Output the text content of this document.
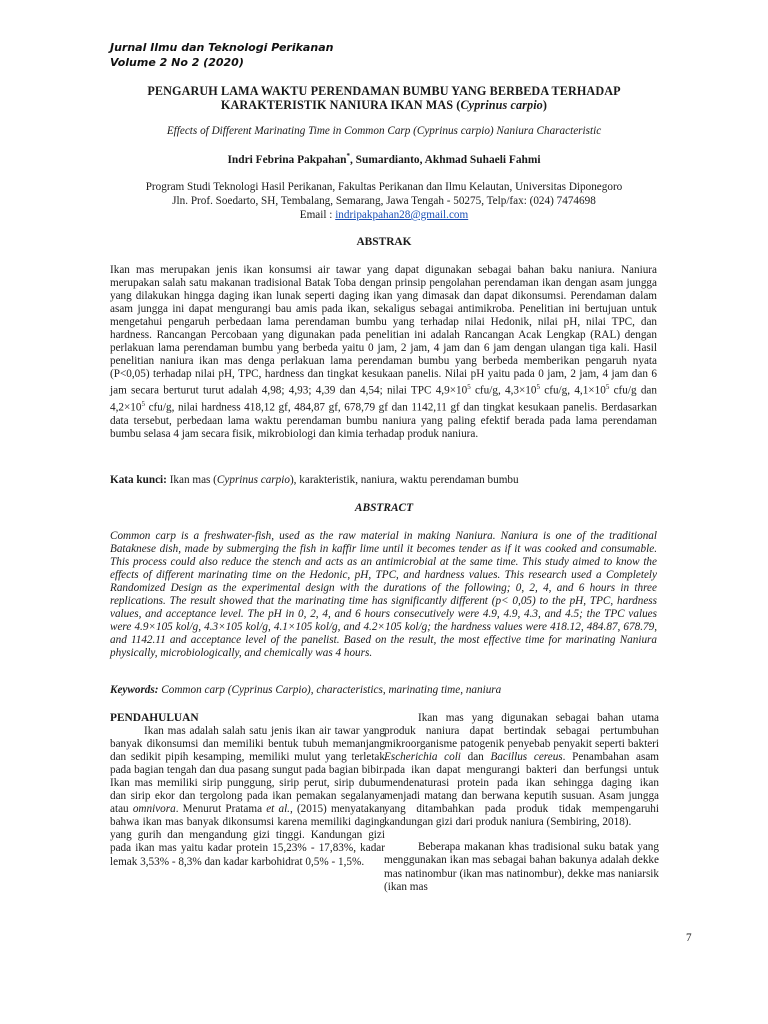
Jurnal Ilmu dan Teknologi Perikanan
Volume 2 No 2 (2020)
PENGARUH LAMA WAKTU PERENDAMAN BUMBU YANG BERBEDA TERHADAP
KARAKTERISTIK NANIURA IKAN MAS (Cyprinus carpio)
Effects of Different Marinating Time in Common Carp (Cyprinus carpio) Naniura Characteristic
Indri Febrina Pakpahan*, Sumardianto, Akhmad Suhaeli Fahmi
Program Studi Teknologi Hasil Perikanan, Fakultas Perikanan dan Ilmu Kelautan, Universitas Diponegoro
Jln. Prof. Soedarto, SH, Tembalang, Semarang, Jawa Tengah - 50275, Telp/fax: (024) 7474698
Email : indripakpahan28@gmail.com
ABSTRAK
Ikan mas merupakan jenis ikan konsumsi air tawar yang dapat digunakan sebagai bahan baku naniura. Naniura merupakan salah satu makanan tradisional Batak Toba dengan prinsip pengolahan perendaman ikan dengan asam jungga yang dilakukan hingga daging ikan lunak seperti daging ikan yang dimasak dan dapat dikonsumsi. Perendaman dalam asam jungga ini dapat mengurangi bau amis pada ikan, sekaligus sebagai antimikroba. Penelitian ini bertujuan untuk mengetahui pengaruh perbedaan lama perendaman bumbu yang terhadap nilai Hedonik, nilai pH, nilai TPC, dan hardness. Rancangan Percobaan yang digunakan pada penelitian ini adalah Rancangan Acak Lengkap (RAL) dengan perlakuan lama perendaman bumbu yang berbeda yaitu 0 jam, 2 jam, 4 jam dan 6 jam dengan ulangan tiga kali. Hasil penelitian naniura ikan mas denga perlakuan lama perendaman bumbu yang berbeda memberikan pengaruh nyata (P<0,05) terhadap nilai pH, TPC, hardness dan tingkat kesukaan panelis. Nilai pH yaitu pada 0 jam, 2 jam, 4 jam dan 6 jam secara berturut turut adalah 4,98; 4,93; 4,39 dan 4,54; nilai TPC $4,9\times 10^5$ cfu/g, $4,3\times 10^5$ cfu/g, $4,1\times 10^5$ cfu/g dan $4,2\times 10^5$ cfu/g, nilai hardness 418,12 gf, 484,87 gf, 678,79 gf dan 1142,11 gf dan tingkat kesukaan panelis. Berdasarkan data tersebut, perbedaan lama waktu perendaman bumbu naniura yang paling efektif berada pada lama perendaman bumbu selasa 4 jam secara fisik, mikrobiologi dan kimia terhadap produk naniura.
Kata kunci: Ikan mas (Cyprinus carpio), karakteristik, naniura, waktu perendaman bumbu
ABSTRACT
Common carp is a freshwater-fish, used as the raw material in making Naniura. Naniura is one of the traditional Bataknese dish, made by submerging the fish in kaffir lime until it becomes tender as if it was cooked and consumable. This process could also reduce the stench and acts as an antimicrobial at the same time. This study aimed to know the effects of different marinating time on the Hedonic, pH, TPC, and hardness values. This research used a Completely Randomized Design as the experimental design with the durations of the following; 0, 2, 4, and 6 hours in three replications. The result showed that the marinating time has significantly different (p< 0,05) to the pH, TPC, hardness values, and acceptance level. The pH in 0, 2, 4, and 6 hours consecutively were 4.9, 4.9, 4.3, and 4.5; the TPC values were 4.9×105 kol/g, 4.3×105 kol/g, 4.1×105 kol/g, and 4.2×105 kol/g; the hardness values were 418.12, 484.87, 678.79, and 1142.11 and acceptance level of the panelist. Based on the result, the most effective time for marinating Naniura physically, microbiologically, and chemically was 4 hours.
Keywords: Common carp (Cyprinus Carpio), characteristics, marinating time, naniura
PENDAHULUAN

Ikan mas adalah salah satu jenis ikan air tawar yang banyak dikonsumsi dan memiliki bentuk tubuh memanjang dan sedikit pipih kesamping, memiliki mulut yang terletak pada bagian tengah dan dua pasang sungut pada bagian bibir. Ikan mas memiliki sirip punggung, sirip perut, sirip dubur dan sirip ekor dan tergolong pada ikan pemakan segalanya atau omnivora. Menurut Pratama et al., (2015) menyatakan bahwa ikan mas banyak dikonsumsi karena memiliki daging yang gurih dan mengandung gizi tinggi. Kandungan gizi pada ikan mas yaitu kadar protein 15,23% - 17,83%, kadar lemak 3,53% - 8,3% dan kadar karbohidrat 0,5% - 1,5%.

Ikan mas yang digunakan sebagai bahan utama produk naniura dapat bertindak sebagai pertumbuhan mikroorganisme patogenik penyebab penyakit seperti bakteri Escherichia coli dan Bacillus cereus. Penambahan asam pada ikan dapat mengurangi bakteri dan berfungsi untuk mendenaturasi protein pada ikan sehingga daging ikan menjadi matang dan berwana keputih susuan. Asam jungga yang ditambahkan pada produk tidak mempengaruhi kandungan gizi dari produk naniura (Sembiring, 2018).

Beberapa makanan khas tradisional suku batak yang menggunakan ikan mas sebagai bahan bakunya adalah dekke mas natinombur (ikan mas natinombur), dekke mas naniarsik (ikan mas

7
